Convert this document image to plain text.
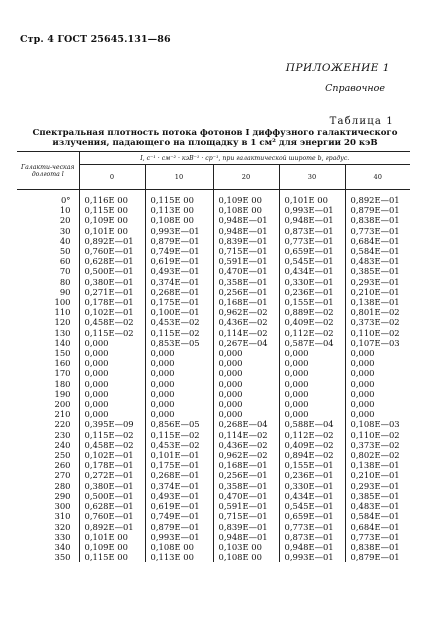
Стр. 4 ГОСТ 25645.131—86
ПРИЛОЖЕНИЕ 1
Справочное
Таблица 1
Спектральная плотность потока фотонов I диффузного галактического
излучения, падающего на площадку в 1 см² для энергии 20 кэВ
Галакти-ческая долгота l	I, с⁻¹ · см⁻² · кэВ⁻¹ · ср⁻¹, при галактической широте b, градус.				
	0	10	20	30	40
0°	0,116E 00	0,115E 00	0,109E 00	0,101E 00	0,892E—01
10	0,115E 00	0,113E 00	0,108E 00	0,993E—01	0,879E—01
20	0,109E 00	0,108E 00	0,948E—01	0,948E—01	0,838E—01
30	0,101E 00	0,993E—01	0,948E—01	0,873E—01	0,773E—01
40	0,892E—01	0,879E—01	0,839E—01	0,773E—01	0,684E—01
50	0,760E—01	0,749E—01	0,715E—01	0,659E—01	0,584E—01
60	0,628E—01	0,619E—01	0,591E—01	0,545E—01	0,483E—01
70	0,500E—01	0,493E—01	0,470E—01	0,434E—01	0,385E—01
80	0,380E—01	0,374E—01	0,358E—01	0,330E—01	0,293E—01
90	0,271E—01	0,268E—01	0,256E—01	0,236E—01	0,210E—01
100	0,178E—01	0,175E—01	0,168E—01	0,155E—01	0,138E—01
110	0,102E—01	0,100E—01	0,962E—02	0,889E—02	0,801E—02
120	0,458E—02	0,453E—02	0,436E—02	0,409E—02	0,373E—02
130	0,115E—02	0,115E—02	0,114E—02	0,112E—02	0,110E—02
140	0,000	0,853E—05	0,267E—04	0,587E—04	0,107E—03
150	0,000	0,000	0,000	0,000	0,000
160	0,000	0,000	0,000	0,000	0,000
170	0,000	0,000	0,000	0,000	0,000
180	0,000	0,000	0,000	0,000	0,000
190	0,000	0,000	0,000	0,000	0,000
200	0,000	0,000	0,000	0,000	0,000
210	0,000	0,000	0,000	0,000	0,000
220	0,395E—09	0,856E—05	0,268E—04	0,588E—04	0,108E—03
230	0,115E—02	0,115E—02	0,114E—02	0,112E—02	0,110E—02
240	0,458E—02	0,453E—02	0,436E—02	0,409E—02	0,373E—02
250	0,102E—01	0,101E—01	0,962E—02	0,894E—02	0,802E—02
260	0,178E—01	0,175E—01	0,168E—01	0,155E—01	0,138E—01
270	0,272E—01	0,268E—01	0,256E—01	0,236E—01	0,210E—01
280	0,380E—01	0,374E—01	0,358E—01	0,330E—01	0,293E—01
290	0,500E—01	0,493E—01	0,470E—01	0,434E—01	0,385E—01
300	0,628E—01	0,619E—01	0,591E—01	0,545E—01	0,483E—01
310	0,760E—01	0,749E—01	0,715E—01	0,659E—01	0,584E—01
320	0,892E—01	0,879E—01	0,839E—01	0,773E—01	0,684E—01
330	0,101E 00	0,993E—01	0,948E—01	0,873E—01	0,773E—01
340	0,109E 00	0,108E 00	0,103E 00	0,948E—01	0,838E—01
350	0,115E 00	0,113E 00	0,108E 00	0,993E—01	0,879E—01
